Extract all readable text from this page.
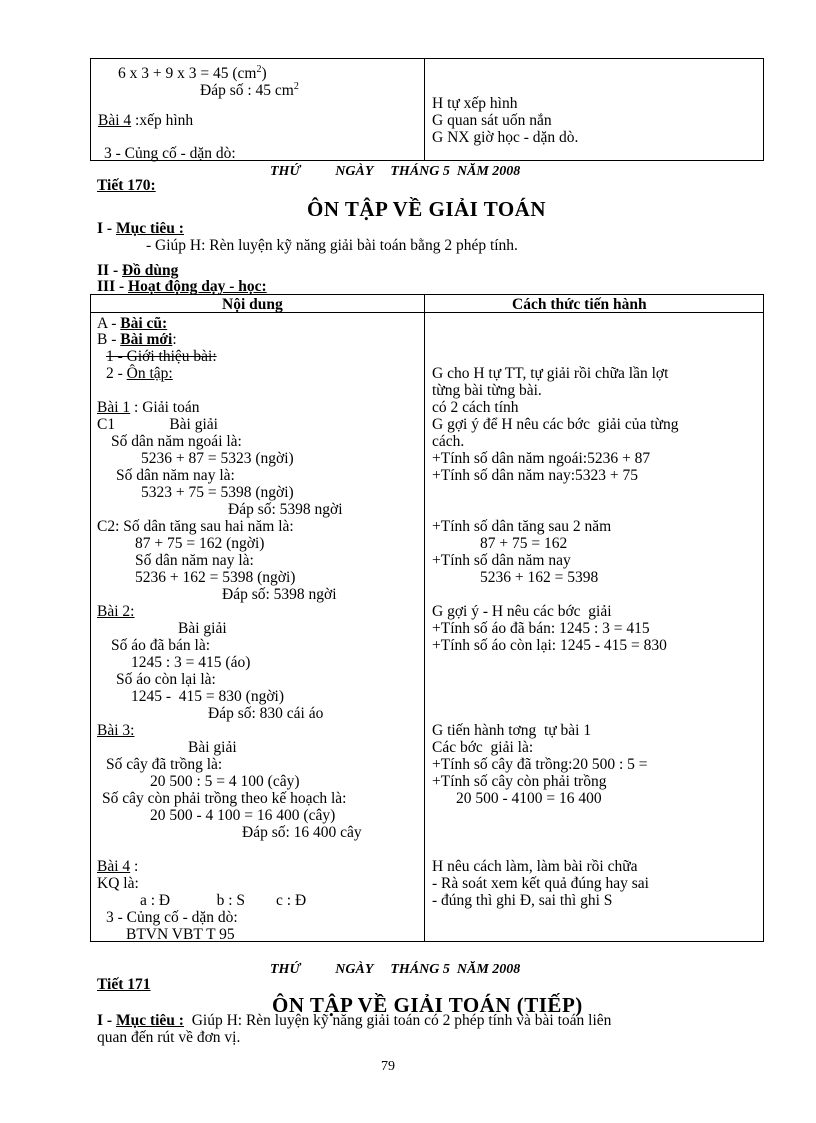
6 x 3 + 9 x 3 = 45 $(cm^2)$
Đáp số : 45 $cm^2$
Bài 4 :xếp hình
3 - Củng cố - dặn dò:
H tự xếp hình
G quan sát uốn nắn
G NX giờ học - dặn dò.
THỨ          NGÀY     THÁNG 5  NĂM 2008
Tiết 170:
ÔN TẬP VỀ GIẢI TOÁN
I - Mục tiêu :
- Giúp H: Rèn luyện kỹ năng giải bài toán bằng 2 phép tính.
II - Đồ dùng
III - Hoạt động dạy - học:
Nội dung	Cách thức tiến hành
A - Bài cũ:
B - Bài mới:
1 - Giới thiệu bài:
2 - Ôn tập:
Bài 1 : Giải toán
C1              Bài giải
Số dân năm ngoái là:
5236 + 87 = 5323 (ngời)
Số dân năm nay là:
5323 + 75 = 5398 (ngời)
Đáp số: 5398 ngời
C2: Số dân tăng sau hai năm là:
87 + 75 = 162 (ngời)
Số dân năm nay là:
5236 + 162 = 5398 (ngời)
Đáp số: 5398 ngời
Bài 2:
Bài giải
Số áo đã bán là:
1245 : 3 = 415 (áo)
Số áo còn lại là:
1245 -  415 = 830 (ngời)
Đáp số: 830 cái áo
Bài 3:
Bài giải
Số cây đã trồng là:
20 500 : 5 = 4 100 (cây)
Số cây còn phải trồng theo kế hoạch là:
20 500 - 4 100 = 16 400 (cây)
Đáp số: 16 400 cây
Bài 4 :
KQ là:
a : Đ            b : S        c : Đ
3 - Củng cố - dặn dò:
BTVN VBT T 95
G cho H tự TT, tự giải rồi chữa lần lợt
từng bài từng bài.
có 2 cách tính
G gợi ý để H nêu các bớc  giải của từng
cách.
+Tính số dân năm ngoái:5236 + 87
+Tính số dân năm nay:5323 + 75
+Tính số dân tăng sau 2 năm
87 + 75 = 162
+Tính số dân năm nay
5236 + 162 = 5398
G gợi ý - H nêu các bớc  giải
+Tính số áo đã bán: 1245 : 3 = 415
+Tính số áo còn lại: 1245 - 415 = 830
G tiến hành tơng  tự bài 1
Các bớc  giải là:
+Tính số cây đã trồng:20 500 : 5 =
+Tính số cây còn phải trồng
20 500 - 4100 = 16 400
H nêu cách làm, làm bài rồi chữa
- Rà soát xem kết quả đúng hay sai
- đúng thì ghi Đ, sai thì ghi S
THỨ          NGÀY     THÁNG 5  NĂM 2008
Tiết 171
ÔN TẬP VỀ GIẢI TOÁN (TIẾP)
I - Mục tiêu :  Giúp H: Rèn luyện kỹ năng giải toán có 2 phép tính và bài toán liên
quan đến rút về đơn vị.
79
